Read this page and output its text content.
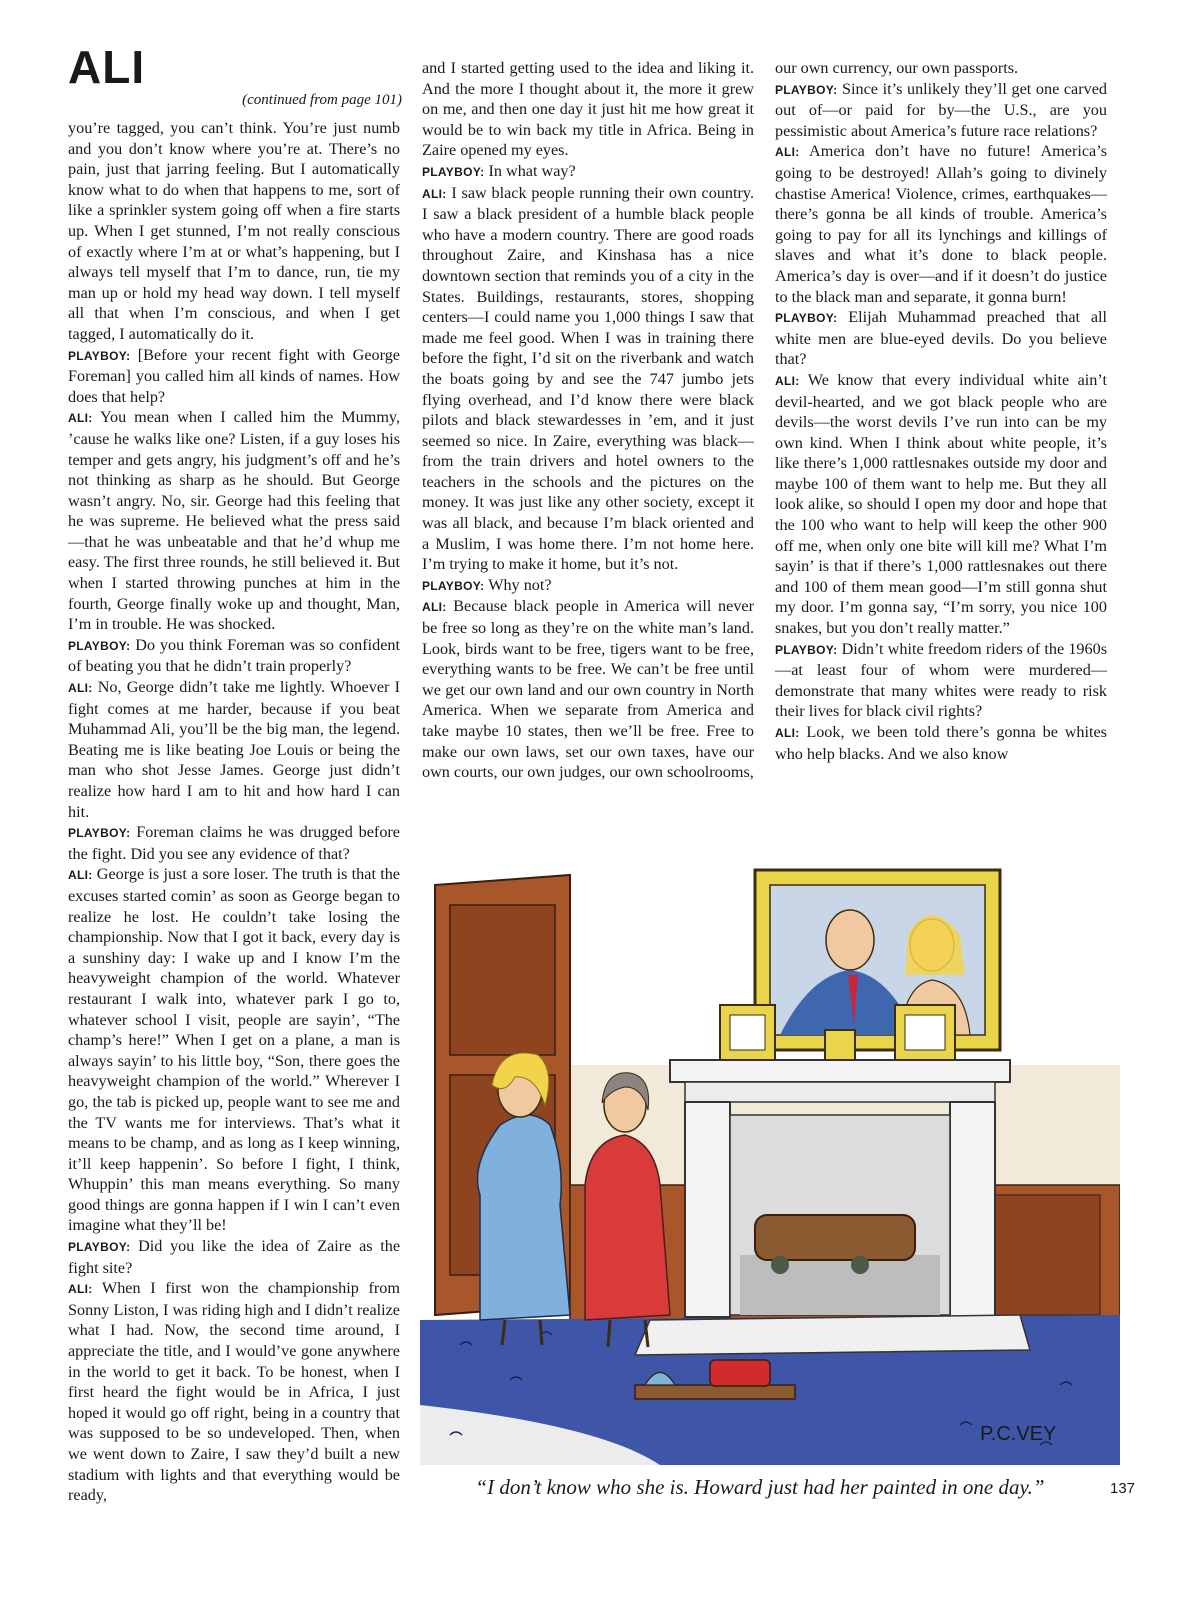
ALI
(continued from page 101)

you’re tagged, you can’t think. You’re just numb and you don’t know where you’re at. There’s no pain, just that jarring feeling. But I automatically know what to do when that happens to me, sort of like a sprinkler system going off when a fire starts up. When I get stunned, I’m not really conscious of exactly where I’m at or what’s happening, but I always tell myself that I’m to dance, run, tie my man up or hold my head way down. I tell myself all that when I’m conscious, and when I get tagged, I automatically do it.

PLAYBOY: [Before your recent fight with George Foreman] you called him all kinds of names. How does that help?

ALI: You mean when I called him the Mummy, ’cause he walks like one? Listen, if a guy loses his temper and gets angry, his judgment’s off and he’s not thinking as sharp as he should. But George wasn’t angry. No, sir. George had this feeling that he was supreme. He believed what the press said—that he was unbeatable and that he’d whup me easy. The first three rounds, he still believed it. But when I started throwing punches at him in the fourth, George finally woke up and thought, Man, I’m in trouble. He was shocked.

PLAYBOY: Do you think Foreman was so confident of beating you that he didn’t train properly?

ALI: No, George didn’t take me lightly. Whoever I fight comes at me harder, because if you beat Muhammad Ali, you’ll be the big man, the legend. Beating me is like beating Joe Louis or being the man who shot Jesse James. George just didn’t realize how hard I am to hit and how hard I can hit.

PLAYBOY: Foreman claims he was drugged before the fight. Did you see any evidence of that?

ALI: George is just a sore loser. The truth is that the excuses started comin’ as soon as George began to realize he lost. He couldn’t take losing the championship. Now that I got it back, every day is a sunshiny day: I wake up and I know I’m the heavyweight champion of the world. Whatever restaurant I walk into, whatever park I go to, whatever school I visit, people are sayin’, “The champ’s here!” When I get on a plane, a man is always sayin’ to his little boy, “Son, there goes the heavyweight champion of the world.” Wherever I go, the tab is picked up, people want to see me and the TV wants me for interviews. That’s what it means to be champ, and as long as I keep winning, it’ll keep happenin’. So before I fight, I think, Whuppin’ this man means everything. So many good things are gonna happen if I win I can’t even imagine what they’ll be!

PLAYBOY: Did you like the idea of Zaire as the fight site?

ALI: When I first won the championship from Sonny Liston, I was riding high and I didn’t realize what I had. Now, the second time around, I appreciate the title, and I would’ve gone anywhere in the world to get it back. To be honest, when I first heard the fight would be in Africa, I just hoped it would go off right, being in a country that was supposed to be so undeveloped. Then, when we went down to Zaire, I saw they’d built a new stadium with lights and that everything would be ready,

and I started getting used to the idea and liking it. And the more I thought about it, the more it grew on me, and then one day it just hit me how great it would be to win back my title in Africa. Being in Zaire opened my eyes.

PLAYBOY: In what way?

ALI: I saw black people running their own country. I saw a black president of a humble black people who have a modern country. There are good roads throughout Zaire, and Kinshasa has a nice downtown section that reminds you of a city in the States. Buildings, restaurants, stores, shopping centers—I could name you 1,000 things I saw that made me feel good. When I was in training there before the fight, I’d sit on the riverbank and watch the boats going by and see the 747 jumbo jets flying overhead, and I’d know there were black pilots and black stewardesses in ’em, and it just seemed so nice. In Zaire, everything was black—from the train drivers and hotel owners to the teachers in the schools and the pictures on the money. It was just like any other society, except it was all black, and because I’m black oriented and a Muslim, I was home there. I’m not home here. I’m trying to make it home, but it’s not.

PLAYBOY: Why not?

ALI: Because black people in America will never be free so long as they’re on the white man’s land. Look, birds want to be free, tigers want to be free, everything wants to be free. We can’t be free until we get our own land and our own country in North America. When we separate from America and take maybe 10 states, then we’ll be free. Free to make our own laws, set our own taxes, have our own courts, our own judges, our own schoolrooms,

our own currency, our own passports.

PLAYBOY: Since it’s unlikely they’ll get one carved out of—or paid for by—the U.S., are you pessimistic about America’s future race relations?

ALI: America don’t have no future! America’s going to be destroyed! Allah’s going to divinely chastise America! Violence, crimes, earthquakes—there’s gonna be all kinds of trouble. America’s going to pay for all its lynchings and killings of slaves and what it’s done to black people. America’s day is over—and if it doesn’t do justice to the black man and separate, it gonna burn!

PLAYBOY: Elijah Muhammad preached that all white men are blue-eyed devils. Do you believe that?

ALI: We know that every individual white ain’t devil-hearted, and we got black people who are devils—the worst devils I’ve run into can be my own kind. When I think about white people, it’s like there’s 1,000 rattlesnakes outside my door and maybe 100 of them want to help me. But they all look alike, so should I open my door and hope that the 100 who want to help will keep the other 900 off me, when only one bite will kill me? What I’m sayin’ is that if there’s 1,000 rattlesnakes out there and 100 of them mean good—I’m still gonna shut my door. I’m gonna say, “I’m sorry, you nice 100 snakes, but you don’t really matter.”

PLAYBOY: Didn’t white freedom riders of the 1960s—at least four of whom were murdered—demonstrate that many whites were ready to risk their lives for black civil rights?

ALI: Look, we been told there’s gonna be whites who help blacks. And we also know

P.C.VEY
“I don’t know who she is. Howard just had her painted in one day.”	137
